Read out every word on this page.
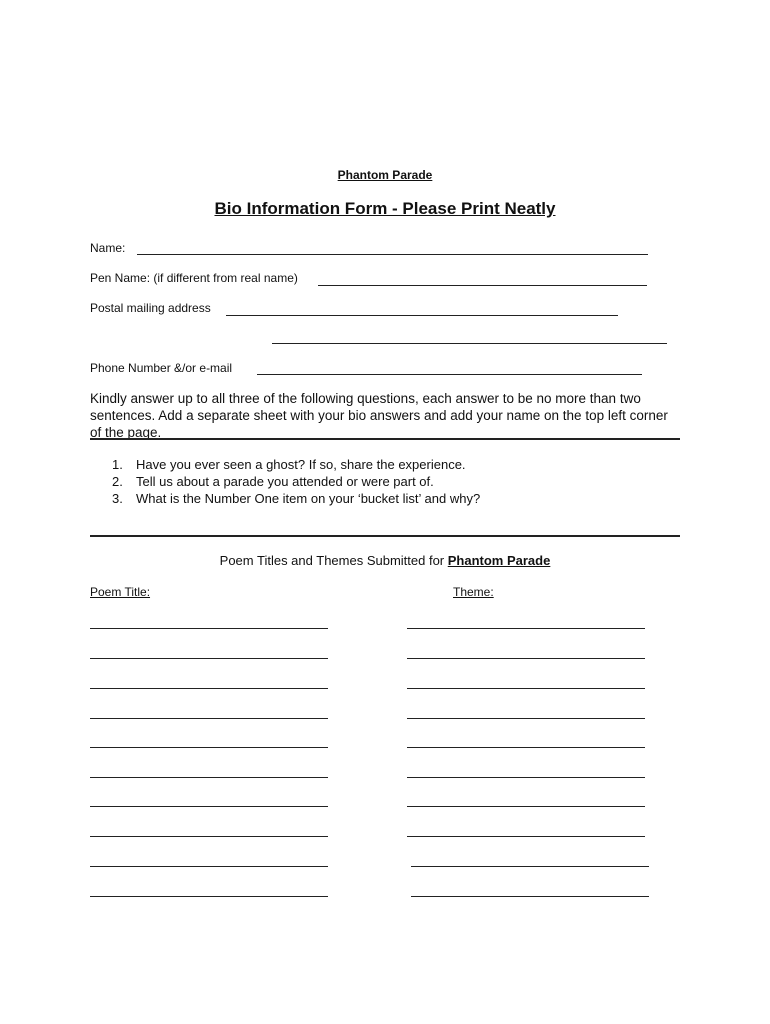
Phantom Parade
Bio Information Form - Please Print Neatly
Name:
Pen Name: (if different from real name)
Postal mailing address
Phone Number &/or e-mail
Kindly answer up to all three of the following questions, each answer to be no more than two sentences. Add a separate sheet with your bio answers and add your name on the top left corner of the page.
1. Have you ever seen a ghost? If so, share the experience.
2. Tell us about a parade you attended or were part of.
3. What is the Number One item on your ‘bucket list’ and why?
Poem Titles and Themes Submitted for Phantom Parade
Poem Title:	Theme:
